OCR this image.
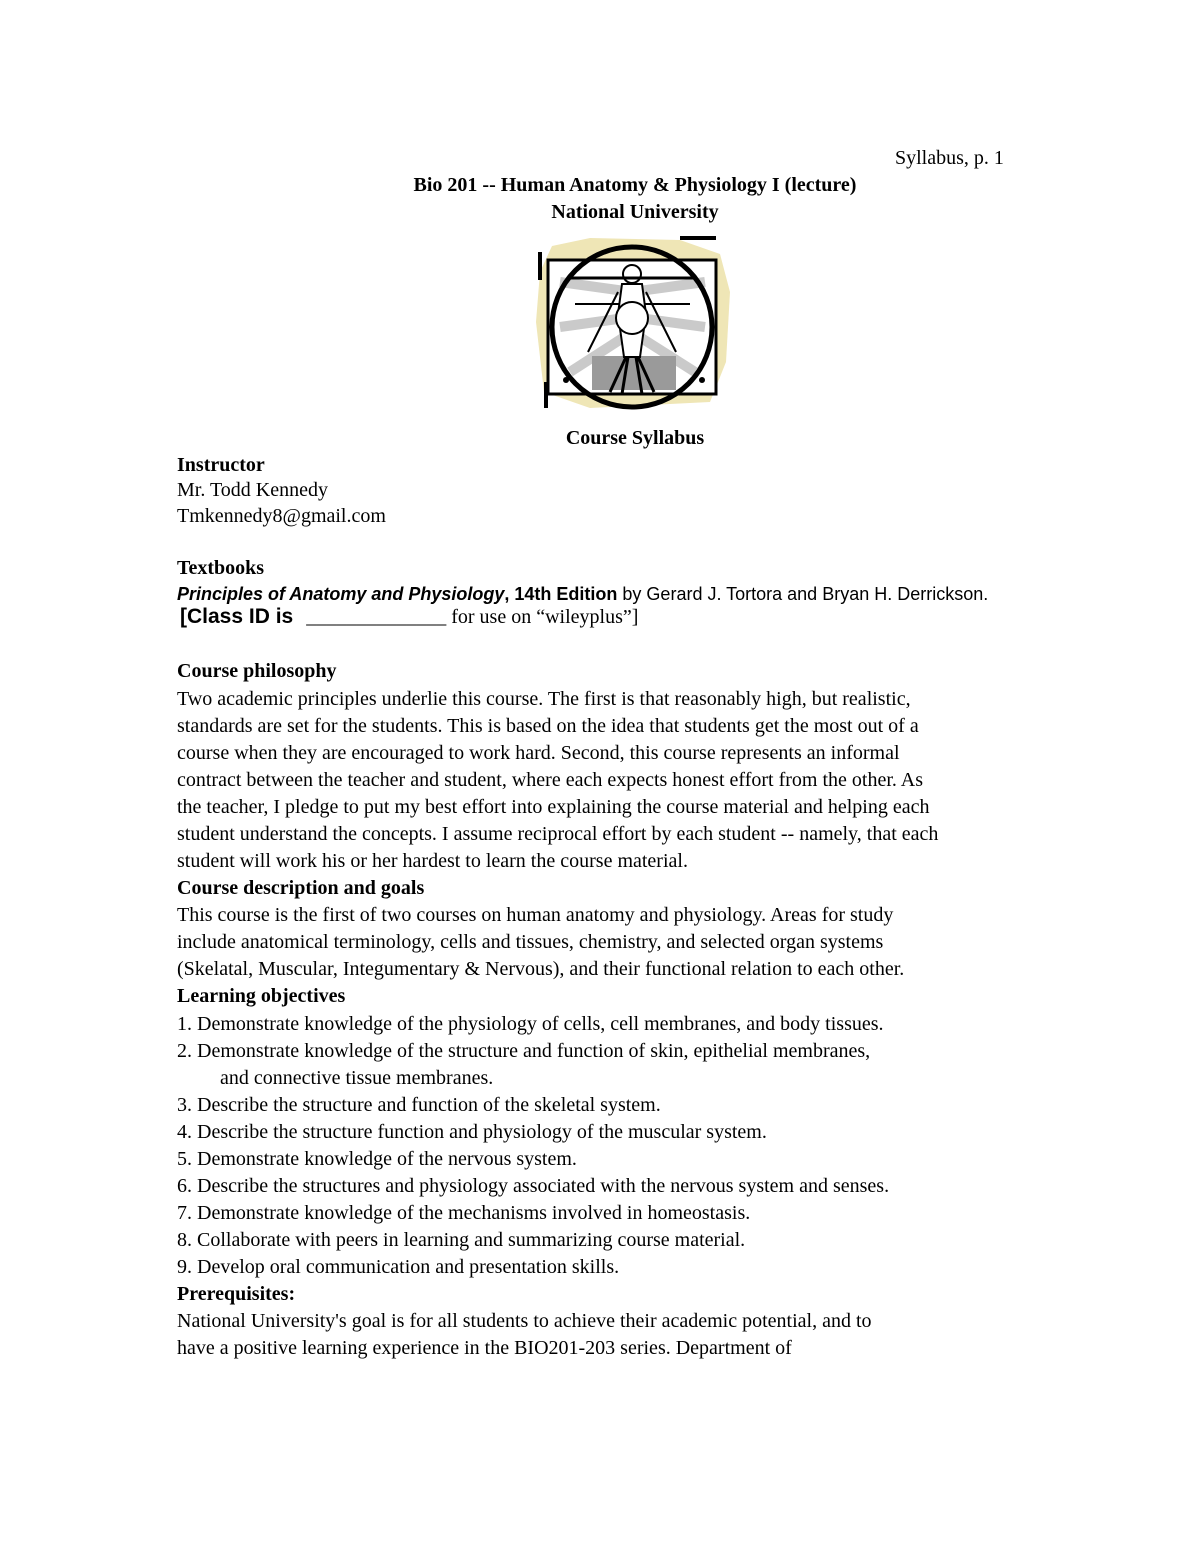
Syllabus, p. 1
Bio 201 -- Human Anatomy & Physiology I (lecture)
National University
Course Syllabus
Instructor
Mr. Todd Kennedy
Tmkennedy8@gmail.com
Textbooks
Principles of Anatomy and Physiology, 14th Edition by Gerard J. Tortora and Bryan H. Derrickson.
[Class ID is ______________ for use on “wileyplus”]
Course philosophy
Two academic principles underlie this course. The first is that reasonably high, but realistic,
standards are set for the students. This is based on the idea that students get the most out of a
course when they are encouraged to work hard. Second, this course represents an informal
contract between the teacher and student, where each expects honest effort from the other. As
the teacher, I pledge to put my best effort into explaining the course material and helping each
student understand the concepts. I assume reciprocal effort by each student -- namely, that each
student will work his or her hardest to learn the course material.
Course description and goals
This course is the first of two courses on human anatomy and physiology. Areas for study
include anatomical terminology, cells and tissues, chemistry, and selected organ systems
(Skelatal, Muscular, Integumentary & Nervous), and their functional relation to each other.
Learning objectives
1. Demonstrate knowledge of the physiology of cells, cell membranes, and body tissues.
2. Demonstrate knowledge of the structure and function of skin, epithelial membranes,
and connective tissue membranes.
3. Describe the structure and function of the skeletal system.
4. Describe the structure function and physiology of the muscular system.
5. Demonstrate knowledge of the nervous system.
6. Describe the structures and physiology associated with the nervous system and senses.
7. Demonstrate knowledge of the mechanisms involved in homeostasis.
8. Collaborate with peers in learning and summarizing course material.
9. Develop oral communication and presentation skills.
Prerequisites:
National University's goal is for all students to achieve their academic potential, and to
have a positive learning experience in the BIO201-203 series. Department of
